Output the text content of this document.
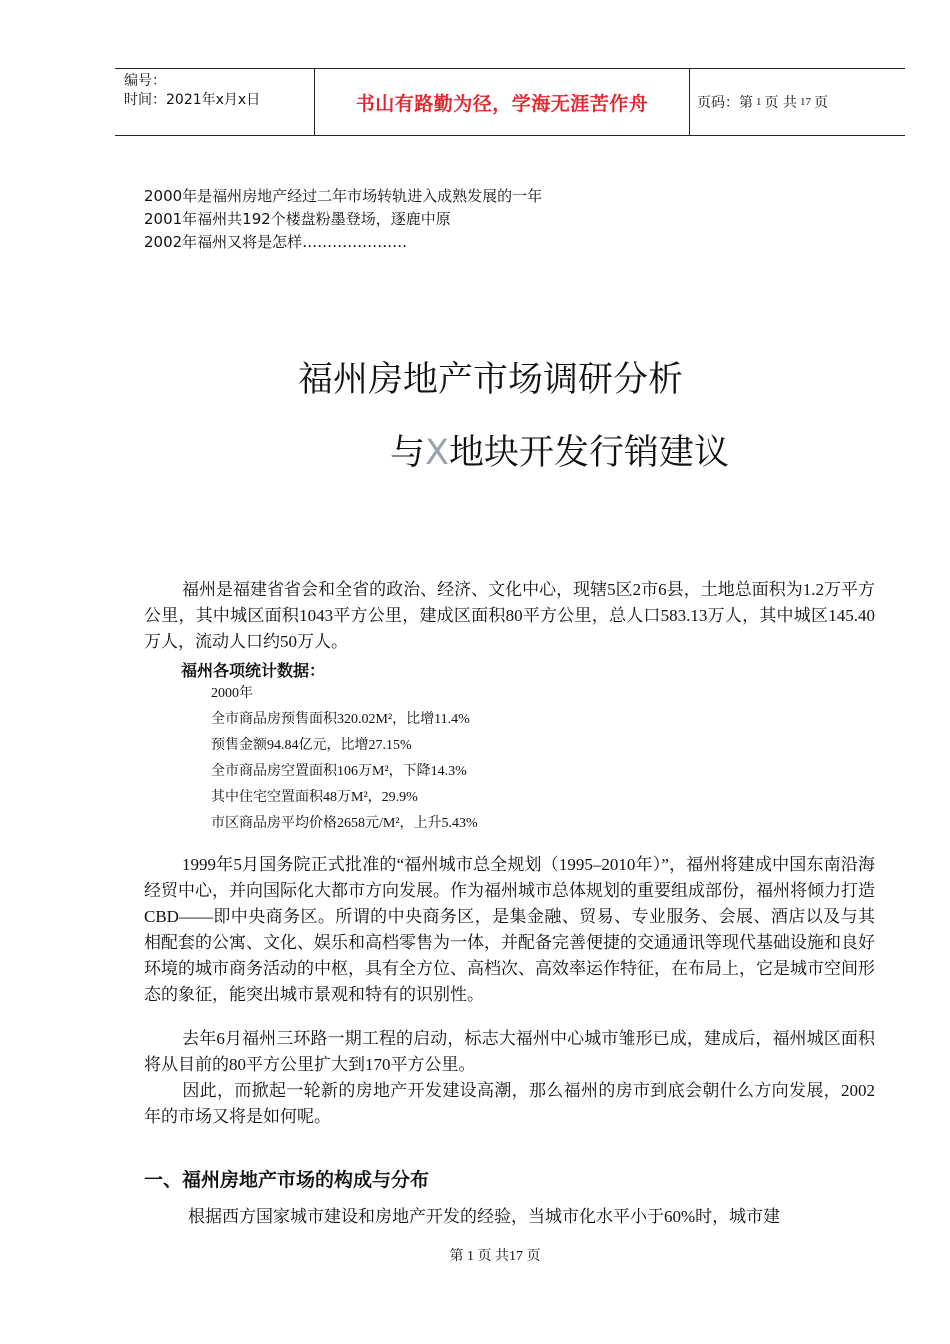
编号：
时间：2021年x月x日	书山有路勤为径，学海无涯苦作舟	页码：第 1 页 共 17 页
2000年是福州房地产经过二年市场转轨进入成熟发展的一年
2001年福州共192个楼盘粉墨登场，逐鹿中原
2002年福州又将是怎样…………………
福州房地产市场调研分析
与X地块开发行销建议
福州是福建省省会和全省的政治、经济、文化中心，现辖5区2市6县，土地总面积为1.2万平方公里，其中城区面积1043平方公里，建成区面积80平方公里，总人口583.13万人，其中城区145.40万人，流动人口约50万人。
福州各项统计数据：
2000年
全市商品房预售面积320.02M²，比增11.4%
预售金额94.84亿元，比增27.15%
全市商品房空置面积106万M²，下降14.3%
其中住宅空置面积48万M²，29.9%
市区商品房平均价格2658元/M²，上升5.43%
1999年5月国务院正式批准的“福州城市总全规划（1995–2010年）”，福州将建成中国东南沿海经贸中心，并向国际化大都市方向发展。作为福州城市总体规划的重要组成部份，福州将倾力打造CBD——即中央商务区。所谓的中央商务区，是集金融、贸易、专业服务、会展、酒店以及与其相配套的公寓、文化、娱乐和高档零售为一体，并配备完善便捷的交通通讯等现代基础设施和良好环境的城市商务活动的中枢，具有全方位、高档次、高效率运作特征，在布局上，它是城市空间形态的象征，能突出城市景观和特有的识别性。
去年6月福州三环路一期工程的启动，标志大福州中心城市雏形已成，建成后，福州城区面积将从目前的80平方公里扩大到170平方公里。
因此，而掀起一轮新的房地产开发建设高潮，那么福州的房市到底会朝什么方向发展，2002年的市场又将是如何呢。
一、福州房地产市场的构成与分布
根据西方国家城市建设和房地产开发的经验，当城市化水平小于60%时，城市建
第 1 页 共17 页
